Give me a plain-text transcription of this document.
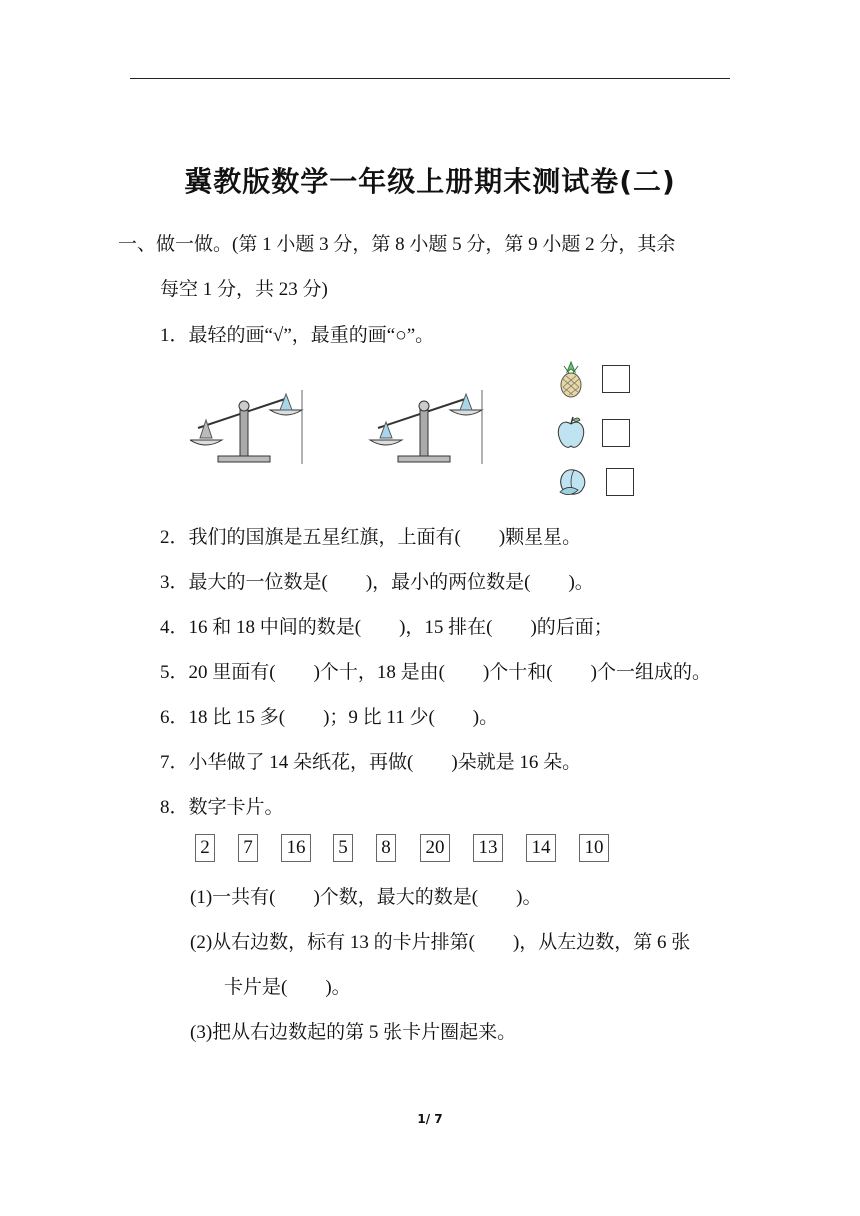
冀教版数学一年级上册期末测试卷(二)
一、做一做。(第 1 小题 3 分，第 8 小题 5 分，第 9 小题 2 分，其余
每空 1 分，共 23 分)
1．最轻的画“√”，最重的画“○”。
2．我们的国旗是五星红旗，上面有(　　)颗星星。
3．最大的一位数是(　　)，最小的两位数是(　　)。
4．16 和 18 中间的数是(　　)，15 排在(　　)的后面；
5．20 里面有(　　)个十，18 是由(　　)个十和(　　)个一组成的。
6．18 比 15 多(　　)；9 比 11 少(　　)。
7．小华做了 14 朵纸花，再做(　　)朵就是 16 朵。
8．数字卡片。
2 7 16 5 8 20 13 14 10
(1)一共有(　　)个数，最大的数是(　　)。
(2)从右边数，标有 13 的卡片排第(　　)，从左边数，第 6 张
卡片是(　　)。
(3)把从右边数起的第 5 张卡片圈起来。
1/ 7
